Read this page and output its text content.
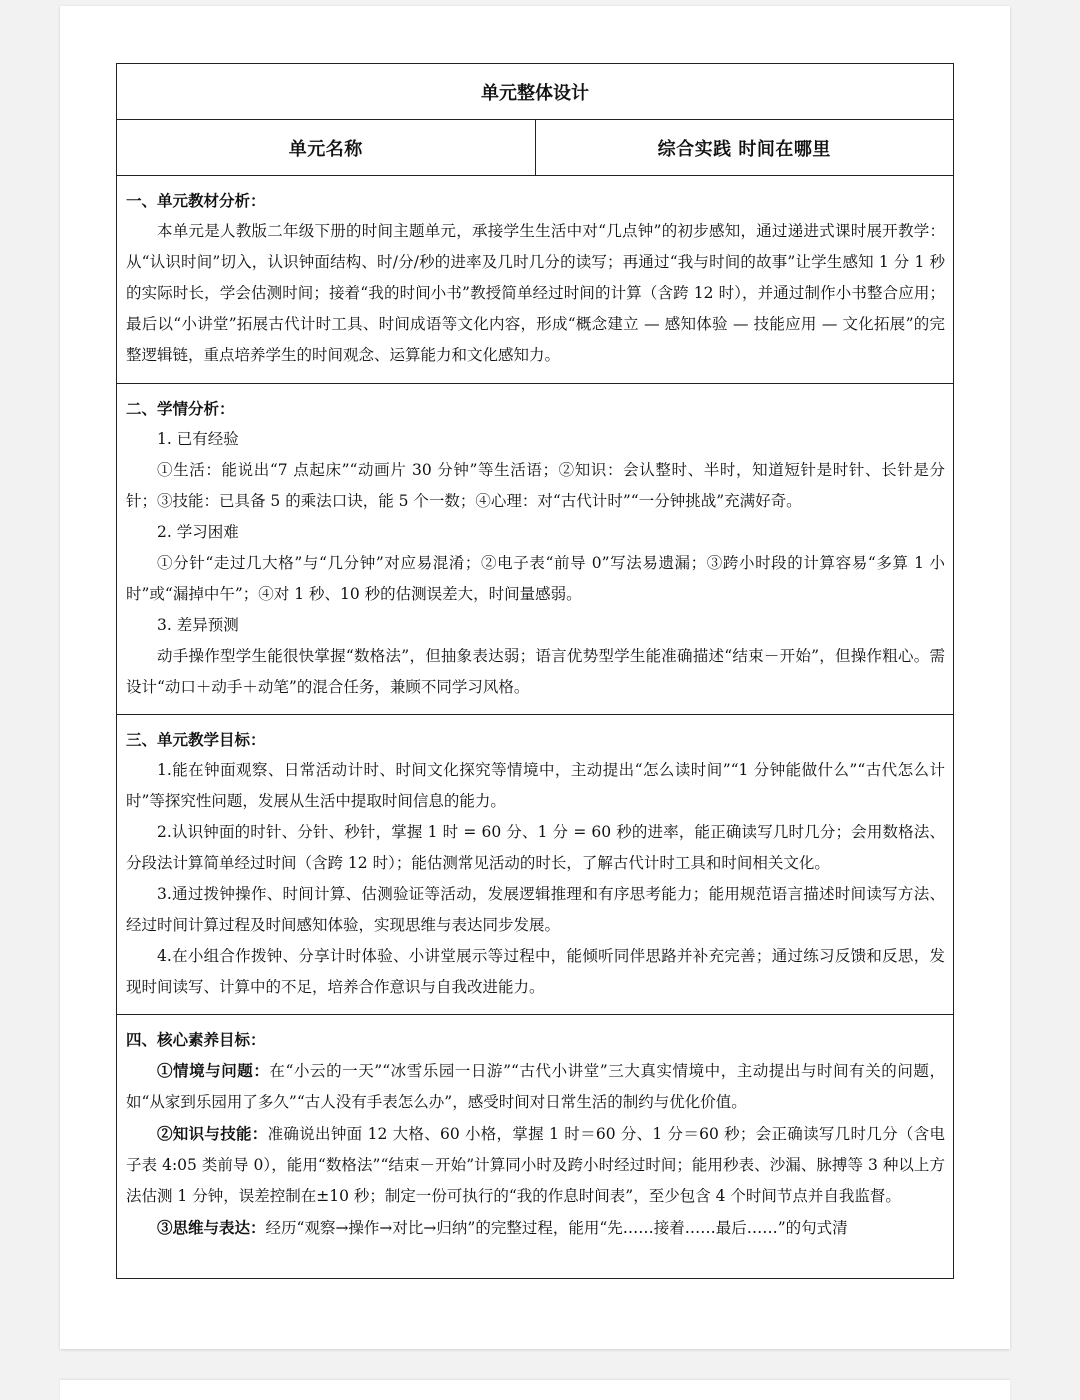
单元整体设计
单元名称	综合实践 时间在哪里
一、单元教材分析：

本单元是人教版二年级下册的时间主题单元，承接学生生活中对“几点钟”的初步感知，通过递进式课时展开教学：从“认识时间”切入，认识钟面结构、时/分/秒的进率及几时几分的读写；再通过“我与时间的故事”让学生感知 1 分 1 秒的实际时长，学会估测时间；接着“我的时间小书”教授简单经过时间的计算（含跨 12 时），并通过制作小书整合应用；最后以“小讲堂”拓展古代计时工具、时间成语等文化内容，形成“概念建立 — 感知体验 — 技能应用 — 文化拓展”的完整逻辑链，重点培养学生的时间观念、运算能力和文化感知力。

二、学情分析：

1. 已有经验

①生活：能说出“7 点起床”“动画片 30 分钟”等生活语；②知识：会认整时、半时，知道短针是时针、长针是分针；③技能：已具备 5 的乘法口诀，能 5 个一数；④心理：对“古代计时”“一分钟挑战”充满好奇。

2. 学习困难

①分针“走过几大格”与“几分钟”对应易混淆；②电子表“前导 0”写法易遗漏；③跨小时段的计算容易“多算 1 小时”或“漏掉中午”；④对 1 秒、10 秒的估测误差大，时间量感弱。

3. 差异预测

动手操作型学生能很快掌握“数格法”，但抽象表达弱；语言优势型学生能准确描述“结束－开始”，但操作粗心。需设计“动口＋动手＋动笔”的混合任务，兼顾不同学习风格。

三、单元教学目标：

1.能在钟面观察、日常活动计时、时间文化探究等情境中，主动提出“怎么读时间”“1 分钟能做什么”“古代怎么计时”等探究性问题，发展从生活中提取时间信息的能力。

2.认识钟面的时针、分针、秒针，掌握 1 时 = 60 分、1 分 = 60 秒的进率，能正确读写几时几分；会用数格法、分段法计算简单经过时间（含跨 12 时）；能估测常见活动的时长，了解古代计时工具和时间相关文化。

3.通过拨钟操作、时间计算、估测验证等活动，发展逻辑推理和有序思考能力；能用规范语言描述时间读写方法、经过时间计算过程及时间感知体验，实现思维与表达同步发展。

4.在小组合作拨钟、分享计时体验、小讲堂展示等过程中，能倾听同伴思路并补充完善；通过练习反馈和反思，发现时间读写、计算中的不足，培养合作意识与自我改进能力。

四、核心素养目标：

①情境与问题：在“小云的一天”“冰雪乐园一日游”“古代小讲堂”三大真实情境中，主动提出与时间有关的问题，如“从家到乐园用了多久”“古人没有手表怎么办”，感受时间对日常生活的制约与优化价值。

②知识与技能：准确说出钟面 12 大格、60 小格，掌握 1 时＝60 分、1 分＝60 秒；会正确读写几时几分（含电子表 4:05 类前导 0），能用“数格法”“结束－开始”计算同小时及跨小时经过时间；能用秒表、沙漏、脉搏等 3 种以上方法估测 1 分钟，误差控制在±10 秒；制定一份可执行的“我的作息时间表”，至少包含 4 个时间节点并自我监督。

③思维与表达：经历“观察→操作→对比→归纳”的完整过程，能用“先……接着……最后……”的句式清
